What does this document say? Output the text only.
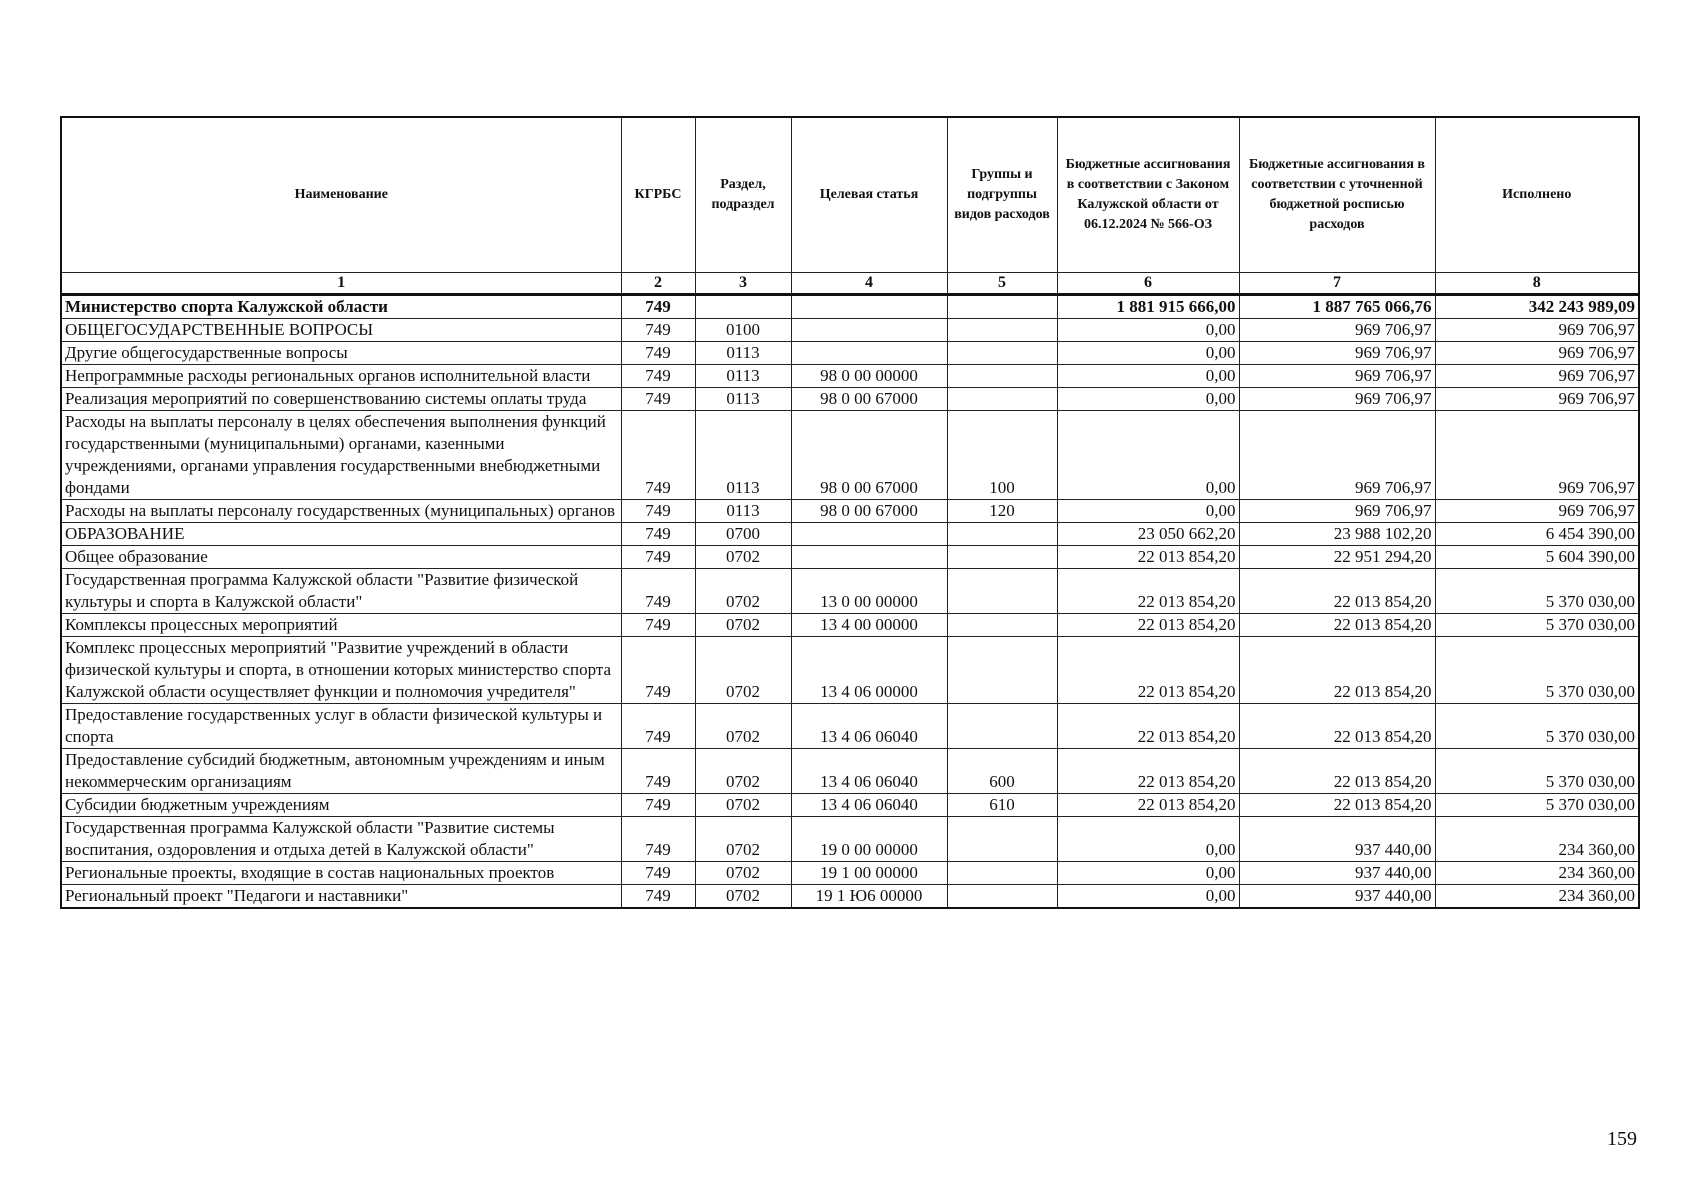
Наименование	КГРБС	Раздел, подраздел	Целевая статья	Группы и подгруппы видов расходов	Бюджетные ассигнования в соответствии с Законом Калужской области от 06.12.2024 № 566-ОЗ	Бюджетные ассигнования в соответствии с уточненной бюджетной росписью расходов	Исполнено
1	2	3	4	5	6	7	8
Министерство спорта Калужской области	749				1 881 915 666,00	1 887 765 066,76	342 243 989,09
ОБЩЕГОСУДАРСТВЕННЫЕ ВОПРОСЫ	749	0100			0,00	969 706,97	969 706,97
Другие общегосударственные вопросы	749	0113			0,00	969 706,97	969 706,97
Непрограммные расходы региональных органов исполнительной власти	749	0113	98 0 00 00000		0,00	969 706,97	969 706,97
Реализация мероприятий по совершенствованию системы оплаты труда	749	0113	98 0 00 67000		0,00	969 706,97	969 706,97
Расходы на выплаты персоналу в целях обеспечения выполнения функций государственными (муниципальными) органами, казенными учреждениями, органами управления государственными внебюджетными фондами	749	0113	98 0 00 67000	100	0,00	969 706,97	969 706,97
Расходы на выплаты персоналу государственных (муниципальных) органов	749	0113	98 0 00 67000	120	0,00	969 706,97	969 706,97
ОБРАЗОВАНИЕ	749	0700			23 050 662,20	23 988 102,20	6 454 390,00
Общее образование	749	0702			22 013 854,20	22 951 294,20	5 604 390,00
Государственная программа Калужской области "Развитие физической культуры и спорта в Калужской области"	749	0702	13 0 00 00000		22 013 854,20	22 013 854,20	5 370 030,00
Комплексы процессных мероприятий	749	0702	13 4 00 00000		22 013 854,20	22 013 854,20	5 370 030,00
Комплекс процессных мероприятий "Развитие учреждений в области физической культуры и спорта, в отношении которых министерство спорта Калужской области осуществляет функции и полномочия учредителя"	749	0702	13 4 06 00000		22 013 854,20	22 013 854,20	5 370 030,00
Предоставление государственных услуг в области физической культуры и спорта	749	0702	13 4 06 06040		22 013 854,20	22 013 854,20	5 370 030,00
Предоставление субсидий бюджетным, автономным учреждениям и иным некоммерческим организациям	749	0702	13 4 06 06040	600	22 013 854,20	22 013 854,20	5 370 030,00
Субсидии бюджетным учреждениям	749	0702	13 4 06 06040	610	22 013 854,20	22 013 854,20	5 370 030,00
Государственная программа Калужской области "Развитие системы воспитания, оздоровления и отдыха детей в Калужской области"	749	0702	19 0 00 00000		0,00	937 440,00	234 360,00
Региональные проекты, входящие в состав национальных проектов	749	0702	19 1 00 00000		0,00	937 440,00	234 360,00
Региональный проект "Педагоги и наставники"	749	0702	19 1 Ю6 00000		0,00	937 440,00	234 360,00
159
